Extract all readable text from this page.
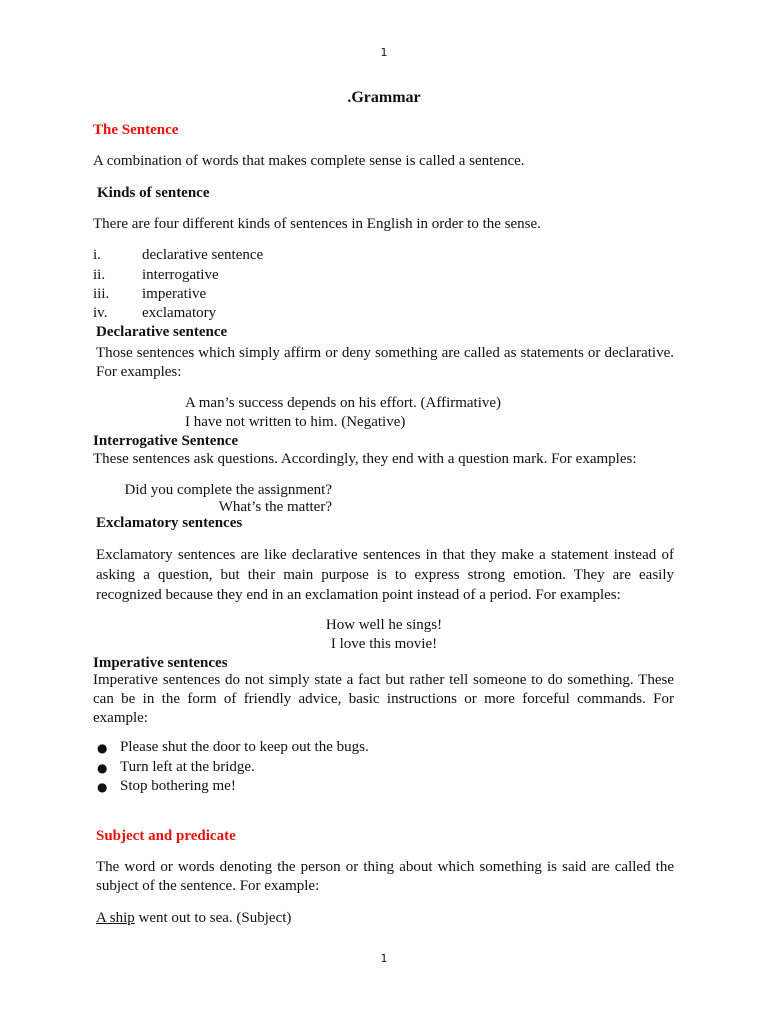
1
.Grammar
The Sentence
A combination of words that makes complete sense is called a sentence.
Kinds of sentence
There are four different kinds of sentences in English in order to the sense.
i.	declarative sentence
ii. interrogative
iii. imperative
iv. exclamatory
Declarative sentence
Those sentences which simply affirm or deny something are called as statements or declarative. For examples:
A man’s success depends on his effort. (Affirmative)
I have not written to him. (Negative)
Interrogative Sentence
These sentences ask questions. Accordingly, they end with a question mark. For examples:
Did you complete the assignment?
What’s the matter?
Exclamatory sentences
Exclamatory sentences are like declarative sentences in that they make a statement instead of asking a question, but their main purpose is to express strong emotion. They are easily recognized because they end in an exclamation point instead of a period. For examples:
How well he sings!
I love this movie!
Imperative sentences
Imperative sentences do not simply state a fact but rather tell someone to do something. These can be in the form of friendly advice, basic instructions or more forceful commands. For example:
● Please shut the door to keep out the bugs.
● Turn left at the bridge.
● Stop bothering me!
Subject and predicate
The word or words denoting the person or thing about which something is said are called the subject of the sentence. For example:
A ship went out to sea. (Subject)
1
